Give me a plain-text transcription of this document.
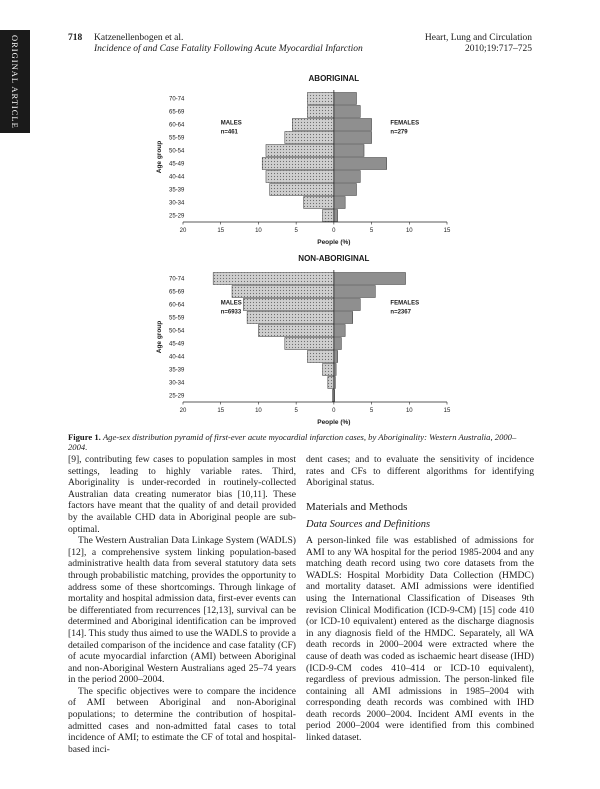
ORIGINAL ARTICLE	718 Katzenellenbogen et al.
Incidence of and Case Fatality Following Acute Myocardial Infarction
Heart, Lung and Circulation
2010;19:717–725
ABORIGINAL
70-74
65-69
60-64
55-59
50-54
45-49
40-44
35-39
30-34
25-29
20	15	10	5	0	5	10	15
People (%)
Age group
MALES
n=461
FEMALES
n=279
NON-ABORIGINAL
70-74
65-69
60-64
55-59
50-54
45-49
40-44
35-39
30-34
25-29
20	15	10	5	0	5	10	15
People (%)
Age group
MALES
n=6933
FEMALES
n=2367
Figure 1. Age-sex distribution pyramid of first-ever acute myocardial infarction cases, by Aboriginality: Western Australia, 2000–2004.

[9], contributing few cases to population samples in most settings, leading to highly variable rates. Third, Aboriginality is under-recorded in routinely-collected Australian data creating numerator bias [10,11]. These factors have meant that the quality of and detail provided by the available CHD data in Aboriginal people are sub-optimal.

The Western Australian Data Linkage System (WADLS) [12], a comprehensive system linking population-based administrative health data from several statutory data sets through probabilistic matching, provides the opportunity to address some of these shortcomings. Through linkage of mortality and hospital admission data, first-ever events can be differentiated from recurrences [12,13], survival can be determined and Aboriginal identification can be improved [14]. This study thus aimed to use the WADLS to provide a detailed comparison of the incidence and case fatality (CF) of acute myocardial infarction (AMI) between Aboriginal and non-Aboriginal Western Australians aged 25–74 years in the period 2000–2004.

The specific objectives were to compare the incidence of AMI between Aboriginal and non-Aboriginal populations; to determine the contribution of hospital-admitted cases and non-admitted fatal cases to total incidence of AMI; to estimate the CF of total and hospital-based inci-

dent cases; and to evaluate the sensitivity of incidence rates and CFs to different algorithms for identifying Aboriginal status.

Materials and Methods

Data Sources and Definitions

A person-linked file was established of admissions for AMI to any WA hospital for the period 1985-2004 and any matching death record using two core datasets from the WADLS: Hospital Morbidity Data Collection (HMDC) and mortality dataset. AMI admissions were identified using the International Classification of Diseases 9th revision Clinical Modification (ICD-9-CM) [15] code 410 (or ICD-10 equivalent) entered as the discharge diagnosis in any diagnosis field of the HMDC. Separately, all WA death records in 2000–2004 were extracted where the cause of death was coded as ischaemic heart disease (IHD) (ICD-9-CM codes 410–414 or ICD-10 equivalent), regardless of previous admission. The person-linked file containing all AMI admissions in 1985–2004 with corresponding death records was combined with IHD death records 2000–2004. Incident AMI events in the period 2000–2004 were identified from this combined linked dataset.
